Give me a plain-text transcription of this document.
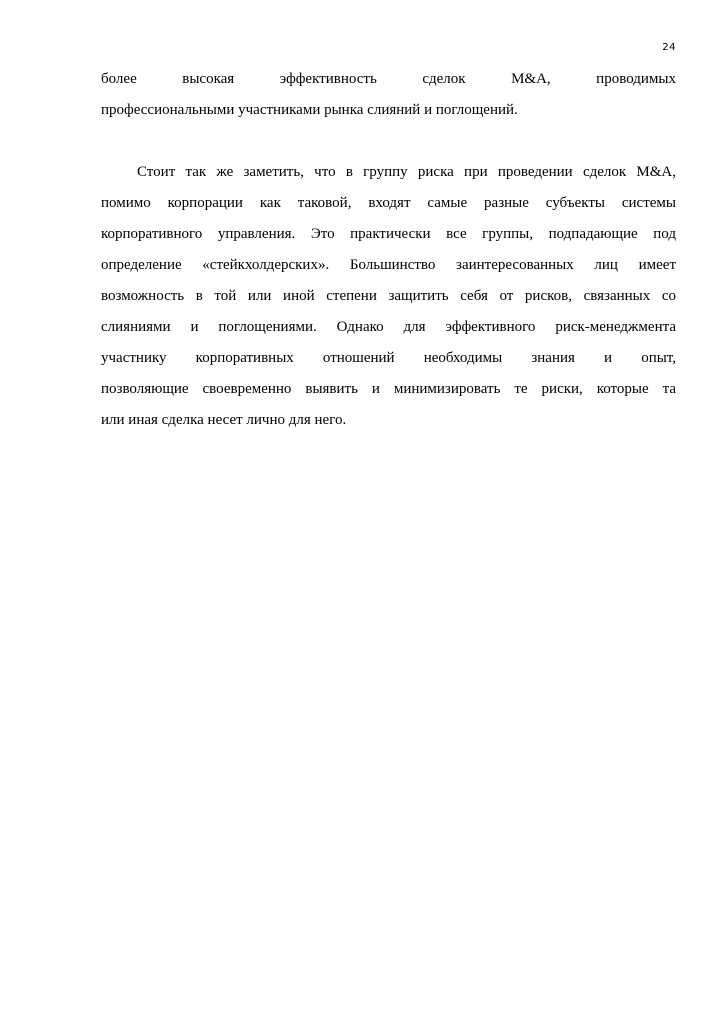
24

более высокая эффективность сделок M&A, проводимых
профессиональными участниками рынка слияний и поглощений.

Стоит так же заметить, что в группу риска при проведении сделок M&A,
помимо корпорации как таковой, входят самые разные субъекты системы
корпоративного управления. Это практически все группы, подпадающие под
определение «стейкхолдерских». Большинство заинтересованных лиц имеет
возможность в той или иной степени защитить себя от рисков, связанных со
слияниями и поглощениями. Однако для эффективного риск-менеджмента
участнику корпоративных отношений необходимы знания и опыт,
позволяющие своевременно выявить и минимизировать те риски, которые та
или иная сделка несет лично для него.
